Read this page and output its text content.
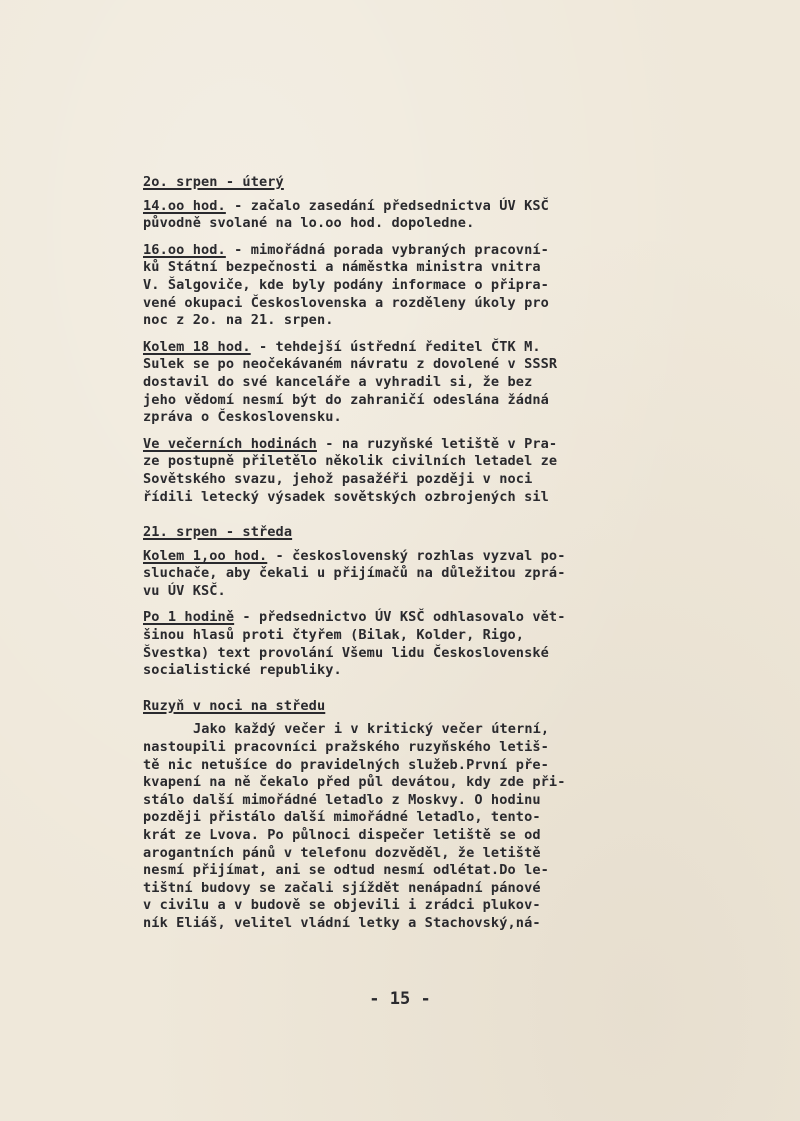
2o. srpen - úterý

14.oo hod. - začalo zasedání předsednictva ÚV KSČ

původně svolané na lo.oo hod. dopoledne.

16.oo hod. - mimořádná porada vybraných pracovní-

ků Státní bezpečnosti a náměstka ministra vnitra

V. Šalgoviče, kde byly podány informace o připra-

vené okupaci Československa a rozděleny úkoly pro

noc z 2o. na 21. srpen.

Kolem 18 hod. - tehdejší ústřední ředitel ČTK M.

Sulek se po neočekávaném návratu z dovolené v SSSR

dostavil do své kanceláře a vyhradil si, že bez

jeho vědomí nesmí být do zahraničí odeslána žádná

zpráva o Československu.

Ve večerních hodinách - na ruzyňské letiště v Pra-

ze postupně přiletělo několik civilních letadel ze

Sovětského svazu, jehož pasažéři později v noci

řídili letecký výsadek sovětských ozbrojených sil

21. srpen - středa

Kolem 1,oo hod. - československý rozhlas vyzval po-

sluchače, aby čekali u přijímačů na důležitou zprá-

vu ÚV KSČ.

Po 1 hodině - předsednictvo ÚV KSČ odhlasovalo vět-

šinou hlasů proti čtyřem (Bilak, Kolder, Rigo,

Švestka) text provolání Všemu lidu Československé

socialistické republiky.

Ruzyň v noci na středu

Jako každý večer i v kritický večer úterní,

nastoupili pracovníci pražského ruzyňského letiš-

tě nic netušíce do pravidelných služeb.První pře-

kvapení na ně čekalo před půl devátou, kdy zde při-

stálo další mimořádné letadlo z Moskvy. O hodinu

později přistálo další mimořádné letadlo, tento-

krát ze Lvova. Po půlnoci dispečer letiště se od

arogantních pánů v telefonu dozvěděl, že letiště

nesmí přijímat, ani se odtud nesmí odlétat.Do le-

tištní budovy se začali sjíždět nenápadní pánové

v civilu a v budově se objevili i zrádci plukov-

ník Eliáš, velitel vládní letky a Stachovský,ná-

- 15 -
